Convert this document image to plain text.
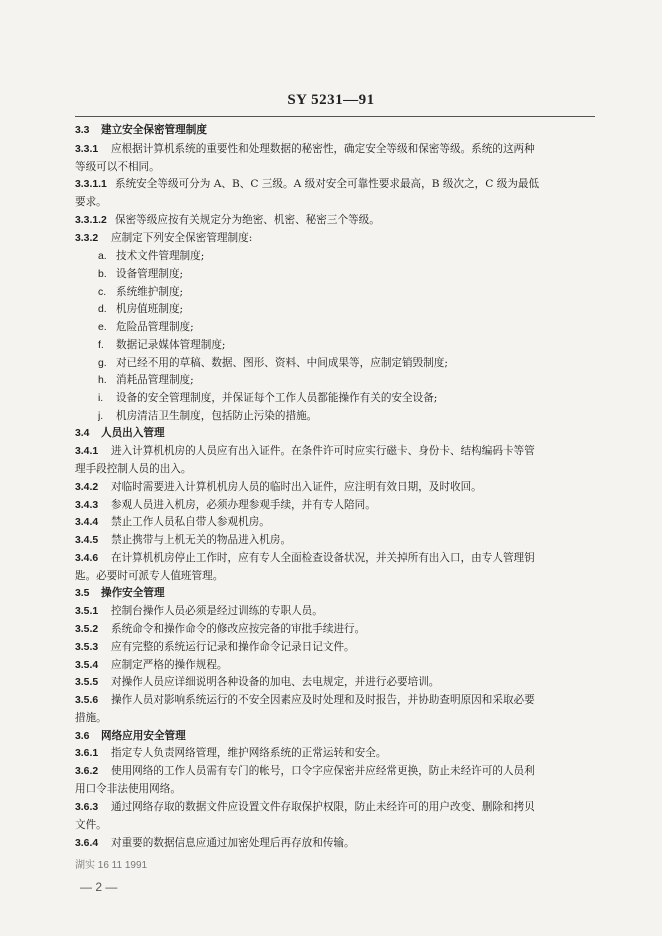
SY 5231—91
3.3 建立安全保密管理制度
3.3.1 应根据计算机系统的重要性和处理数据的秘密性，确定安全等级和保密等级。系统的这两种
等级可以不相同。
3.3.1.1 系统安全等级可分为 A、B、C 三级。A 级对安全可靠性要求最高，B 级次之，C 级为最低
要求。
3.3.1.2 保密等级应按有关规定分为绝密、机密、秘密三个等级。
3.3.2 应制定下列安全保密管理制度:
a. 技术文件管理制度;
b. 设备管理制度;
c. 系统维护制度;
d. 机房值班制度;
e. 危险品管理制度;
f. 数据记录媒体管理制度;
g. 对已经不用的草稿、数据、图形、资料、中间成果等，应制定销毁制度;
h. 消耗品管理制度;
i. 设备的安全管理制度，并保证每个工作人员都能操作有关的安全设备;
j. 机房清洁卫生制度，包括防止污染的措施。
3.4 人员出入管理
3.4.1 进入计算机机房的人员应有出入证件。在条件许可时应实行磁卡、身份卡、结构编码卡等管
理手段控制人员的出入。
3.4.2 对临时需要进入计算机机房人员的临时出入证件，应注明有效日期，及时收回。
3.4.3 参观人员进入机房，必须办理参观手续，并有专人陪同。
3.4.4 禁止工作人员私自带人参观机房。
3.4.5 禁止携带与上机无关的物品进入机房。
3.4.6 在计算机机房停止工作时，应有专人全面检查设备状况，并关掉所有出入口，由专人管理钥
匙。必要时可派专人值班管理。
3.5 操作安全管理
3.5.1 控制台操作人员必须是经过训练的专职人员。
3.5.2 系统命令和操作命令的修改应按完备的审批手续进行。
3.5.3 应有完整的系统运行记录和操作命令记录日记文件。
3.5.4 应制定严格的操作规程。
3.5.5 对操作人员应详细说明各种设备的加电、去电规定，并进行必要培训。
3.5.6 操作人员对影响系统运行的不安全因素应及时处理和及时报告，并协助查明原因和采取必要
措施。
3.6 网络应用安全管理
3.6.1 指定专人负责网络管理，维护网络系统的正常运转和安全。
3.6.2 使用网络的工作人员需有专门的帐号，口令字应保密并应经常更换，防止未经许可的人员利
用口令非法使用网络。
3.6.3 通过网络存取的数据文件应设置文件存取保护权限，防止未经许可的用户改变、删除和拷贝
文件。
3.6.4 对重要的数据信息应通过加密处理后再存放和传输。
湖实 16 11 1991
— 2 —
